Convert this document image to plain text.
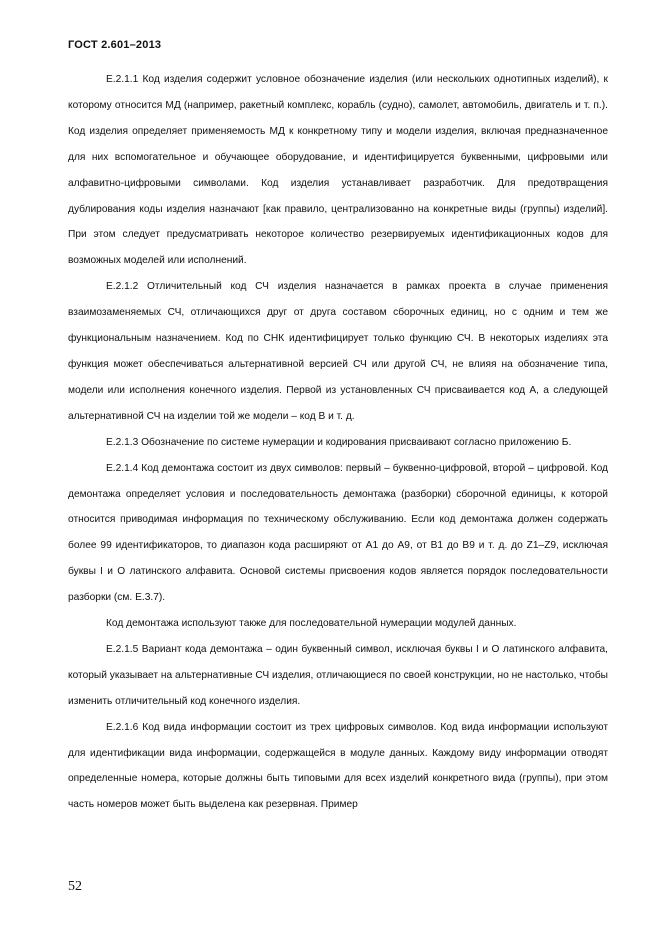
ГОСТ 2.601–2013

Е.2.1.1 Код изделия содержит условное обозначение изделия (или нескольких однотипных изделий), к которому относится МД (например, ракетный комплекс, корабль (судно), самолет, автомобиль, двигатель и т. п.). Код изделия определяет применяемость МД к конкретному типу и модели изделия, включая предназначенное для них вспомогательное и обучающее оборудование, и идентифицируется буквенными, цифровыми или алфавитно-цифровыми символами. Код изделия устанавливает разработчик. Для предотвращения дублирования коды изделия назначают [как правило, централизованно на конкретные виды (группы) изделий]. При этом следует предусматривать некоторое количество резервируемых идентификационных кодов для возможных моделей или исполнений.

Е.2.1.2 Отличительный код СЧ изделия назначается в рамках проекта в случае применения взаимозаменяемых СЧ, отличающихся друг от друга составом сборочных единиц, но с одним и тем же функциональным назначением. Код по СНК идентифицирует только функцию СЧ. В некоторых изделиях эта функция может обеспечиваться альтернативной версией СЧ или другой СЧ, не влияя на обозначение типа, модели или исполнения конечного изделия. Первой из установленных СЧ присваивается код А, а следующей альтернативной СЧ на изделии той же модели – код В и т. д.

Е.2.1.3 Обозначение по системе нумерации и кодирования присваивают согласно приложению Б.

Е.2.1.4 Код демонтажа состоит из двух символов: первый – буквенно-цифровой, второй – цифровой. Код демонтажа определяет условия и последовательность демонтажа (разборки) сборочной единицы, к которой относится приводимая информация по техническому обслуживанию. Если код демонтажа должен содержать более 99 идентификаторов, то диапазон кода расширяют от А1 до А9, от В1 до В9 и т. д. до Z1–Z9, исключая буквы I и О латинского алфавита. Основой системы присвоения кодов является порядок последовательности разборки (см. Е.3.7).

Код демонтажа используют также для последовательной нумерации модулей данных.

Е.2.1.5 Вариант кода демонтажа – один буквенный символ, исключая буквы I и О латинского алфавита, который указывает на альтернативные СЧ изделия, отличающиеся по своей конструкции, но не настолько, чтобы изменить отличительный код конечного изделия.

Е.2.1.6 Код вида информации состоит из трех цифровых символов. Код вида информации используют для идентификации вида информации, содержащейся в модуле данных. Каждому виду информации отводят определенные номера, которые должны быть типовыми для всех изделий конкретного вида (группы), при этом часть номеров может быть выделена как резервная. Пример

52
